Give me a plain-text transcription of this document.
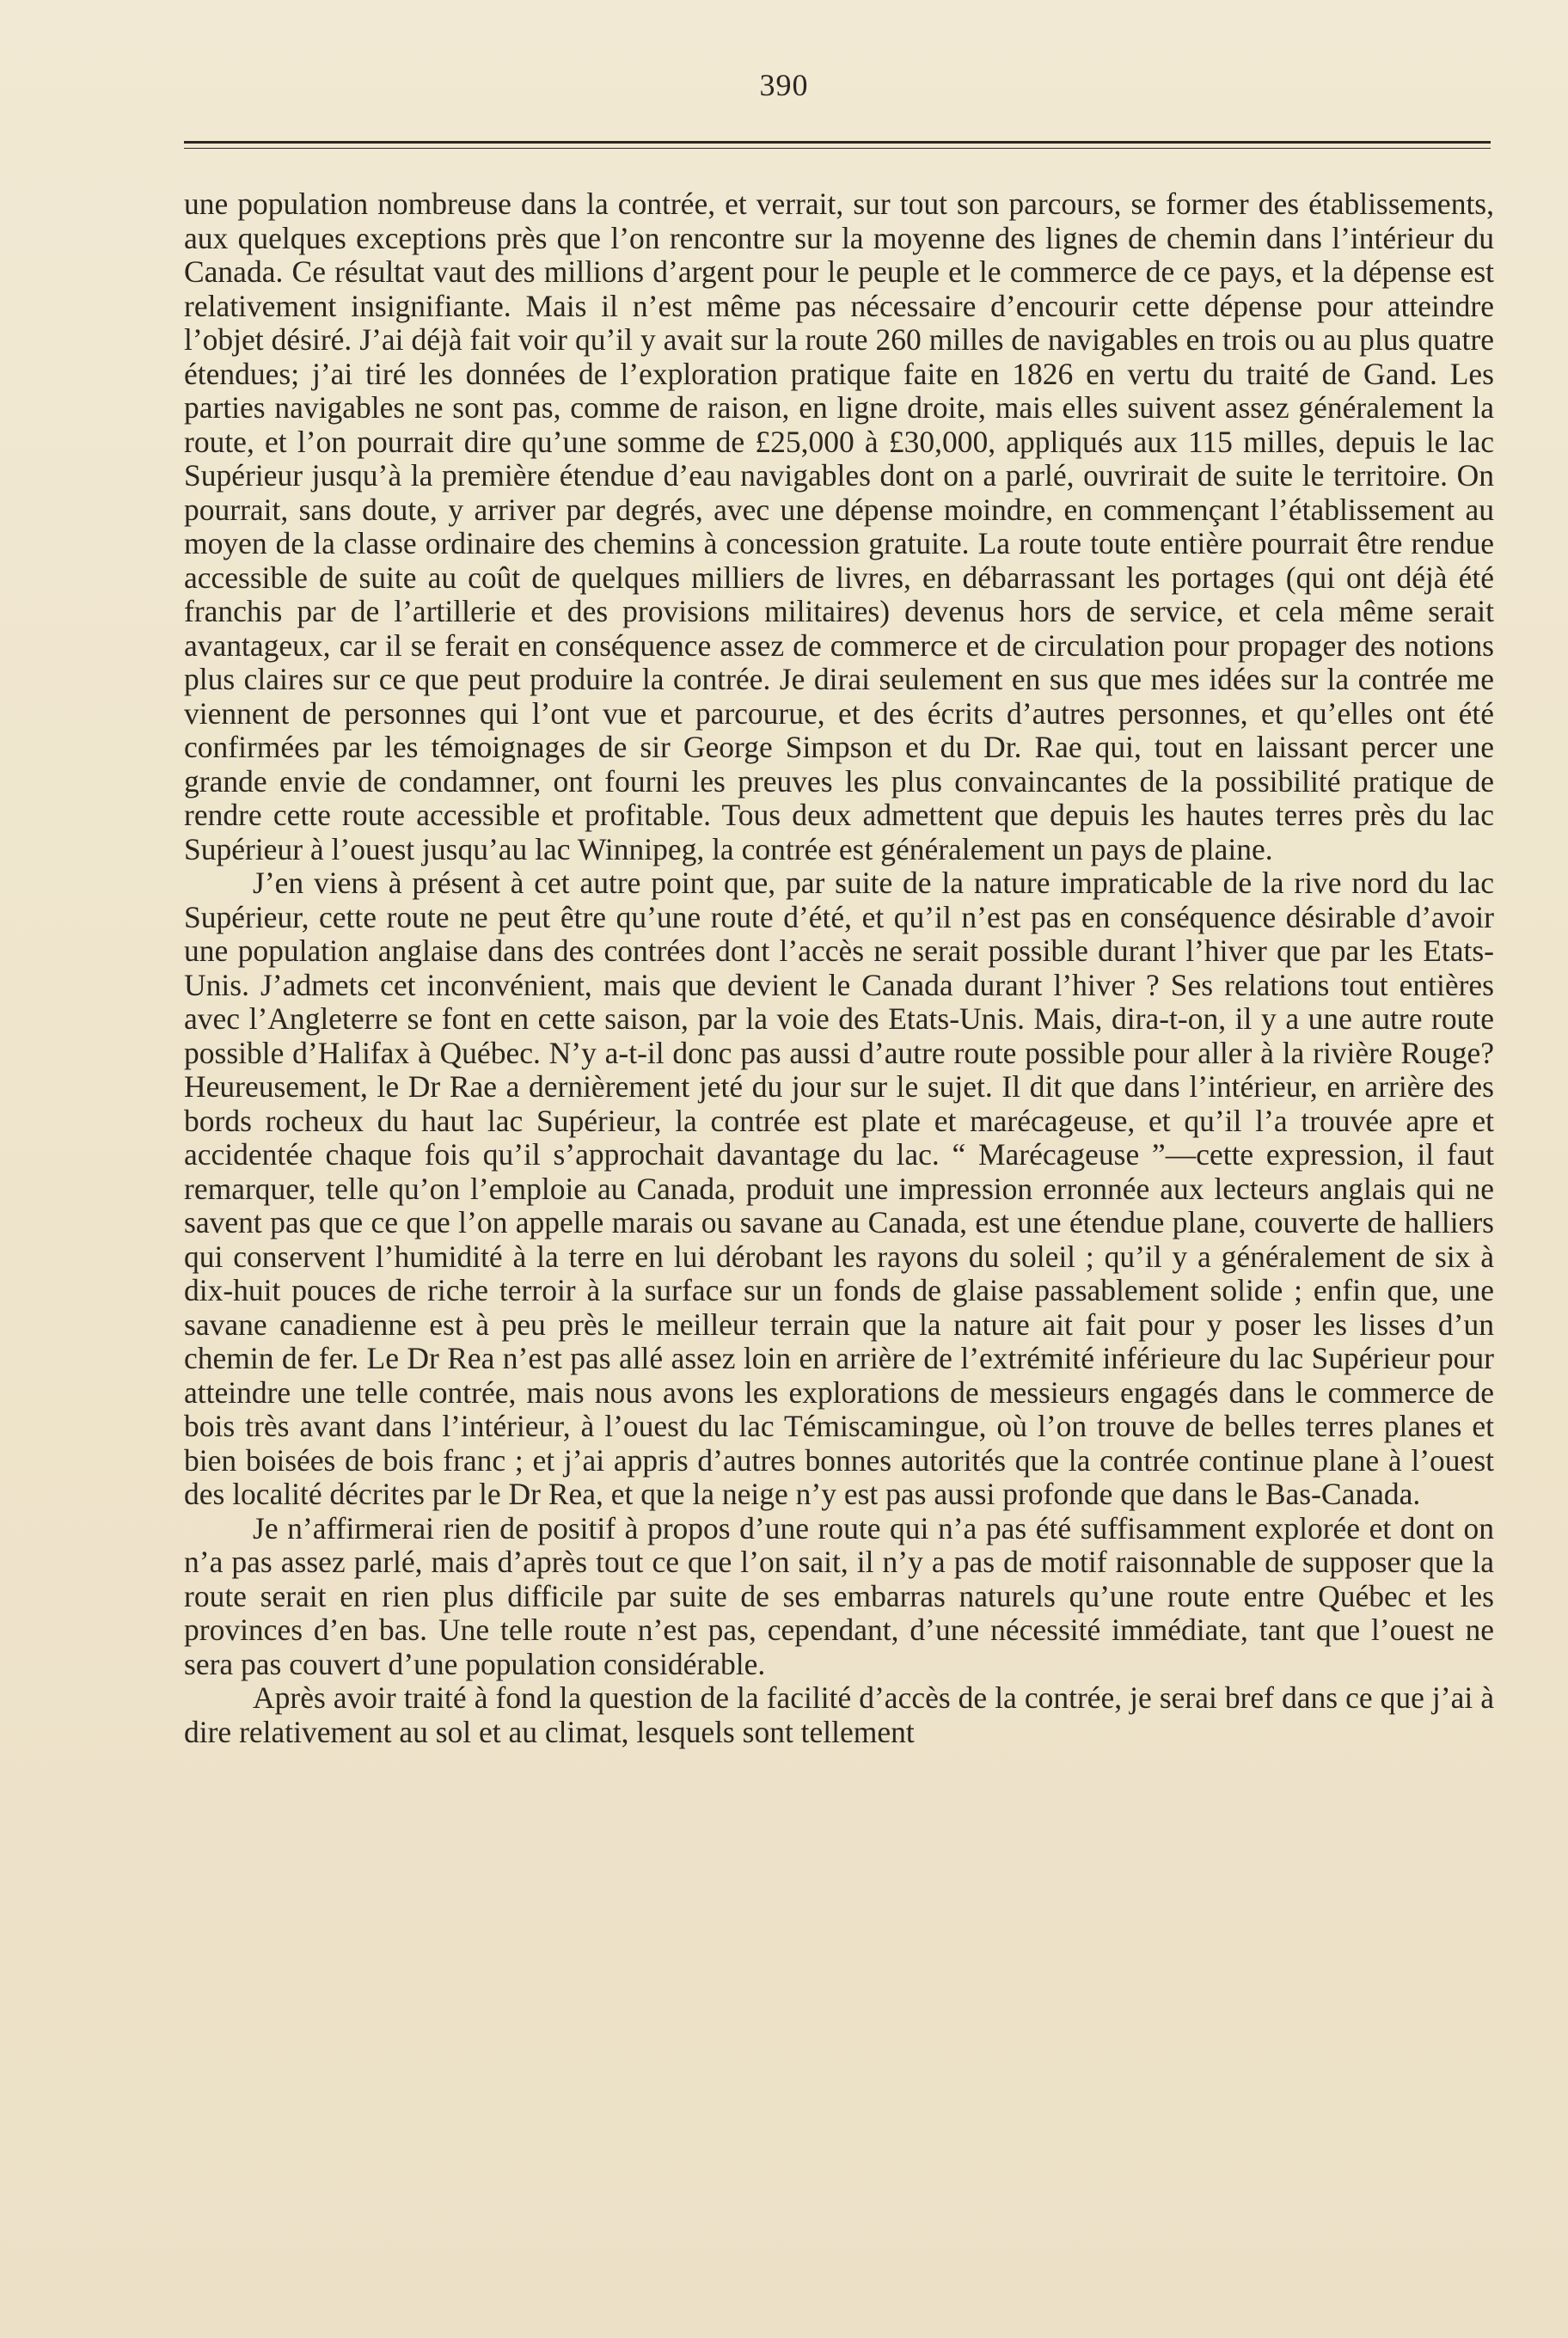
390

une population nombreuse dans la contrée, et verrait, sur tout son parcours, se former des établissements, aux quelques exceptions près que l’on rencontre sur la moyenne des lignes de chemin dans l’intérieur du Canada. Ce résultat vaut des millions d’argent pour le peuple et le commerce de ce pays, et la dépense est relativement insignifiante. Mais il n’est même pas nécessaire d’encourir cette dépense pour atteindre l’objet désiré. J’ai déjà fait voir qu’il y avait sur la route 260 milles de navigables en trois ou au plus quatre étendues; j’ai tiré les données de l’exploration pratique faite en 1826 en vertu du traité de Gand. Les parties navigables ne sont pas, comme de raison, en ligne droite, mais elles suivent assez généralement la route, et l’on pourrait dire qu’une somme de £25,000 à £30,000, appliqués aux 115 milles, depuis le lac Supérieur jusqu’à la première étendue d’eau navigables dont on a parlé, ouvrirait de suite le territoire. On pourrait, sans doute, y arriver par degrés, avec une dépense moindre, en commençant l’établissement au moyen de la classe ordinaire des chemins à concession gratuite. La route toute entière pourrait être rendue accessible de suite au coût de quelques milliers de livres, en débarrassant les portages (qui ont déjà été franchis par de l’artillerie et des provisions militaires) devenus hors de service, et cela même serait avantageux, car il se ferait en conséquence assez de commerce et de circulation pour propager des notions plus claires sur ce que peut produire la contrée. Je dirai seulement en sus que mes idées sur la contrée me viennent de personnes qui l’ont vue et parcourue, et des écrits d’autres personnes, et qu’elles ont été confirmées par les témoignages de sir George Simpson et du Dr. Rae qui, tout en laissant percer une grande envie de condamner, ont fourni les preuves les plus convaincantes de la possibilité pratique de rendre cette route accessible et profitable. Tous deux admettent que depuis les hautes terres près du lac Supérieur à l’ouest jusqu’au lac Winnipeg, la contrée est généralement un pays de plaine.

J’en viens à présent à cet autre point que, par suite de la nature impraticable de la rive nord du lac Supérieur, cette route ne peut être qu’une route d’été, et qu’il n’est pas en conséquence désirable d’avoir une population anglaise dans des contrées dont l’accès ne serait possible durant l’hiver que par les Etats-Unis. J’admets cet inconvénient, mais que devient le Canada durant l’hiver ? Ses relations tout entières avec l’Angleterre se font en cette saison, par la voie des Etats-Unis. Mais, dira-t-on, il y a une autre route possible d’Halifax à Québec. N’y a-t-il donc pas aussi d’autre route possible pour aller à la rivière Rouge? Heureusement, le Dr Rae a dernièrement jeté du jour sur le sujet. Il dit que dans l’intérieur, en arrière des bords rocheux du haut lac Supérieur, la contrée est plate et marécageuse, et qu’il l’a trouvée apre et accidentée chaque fois qu’il s’approchait davantage du lac. “ Marécageuse ”—cette expression, il faut remarquer, telle qu’on l’emploie au Canada, produit une impression erronnée aux lecteurs anglais qui ne savent pas que ce que l’on appelle marais ou savane au Canada, est une étendue plane, couverte de halliers qui conservent l’humidité à la terre en lui dérobant les rayons du soleil ; qu’il y a généralement de six à dix-huit pouces de riche terroir à la surface sur un fonds de glaise passablement solide ; enfin que, une savane canadienne est à peu près le meilleur terrain que la nature ait fait pour y poser les lisses d’un chemin de fer. Le Dr Rea n’est pas allé assez loin en arrière de l’extrémité inférieure du lac Supérieur pour atteindre une telle contrée, mais nous avons les explorations de messieurs engagés dans le commerce de bois très avant dans l’intérieur, à l’ouest du lac Témiscamingue, où l’on trouve de belles terres planes et bien boisées de bois franc ; et j’ai appris d’autres bonnes autorités que la contrée continue plane à l’ouest des localité décrites par le Dr Rea, et que la neige n’y est pas aussi profonde que dans le Bas-Canada.

Je n’affirmerai rien de positif à propos d’une route qui n’a pas été suffisamment explorée et dont on n’a pas assez parlé, mais d’après tout ce que l’on sait, il n’y a pas de motif raisonnable de supposer que la route serait en rien plus difficile par suite de ses embarras naturels qu’une route entre Québec et les provinces d’en bas. Une telle route n’est pas, cependant, d’une nécessité immédiate, tant que l’ouest ne sera pas couvert d’une population considérable.

Après avoir traité à fond la question de la facilité d’accès de la contrée, je serai bref dans ce que j’ai à dire relativement au sol et au climat, lesquels sont tellement
